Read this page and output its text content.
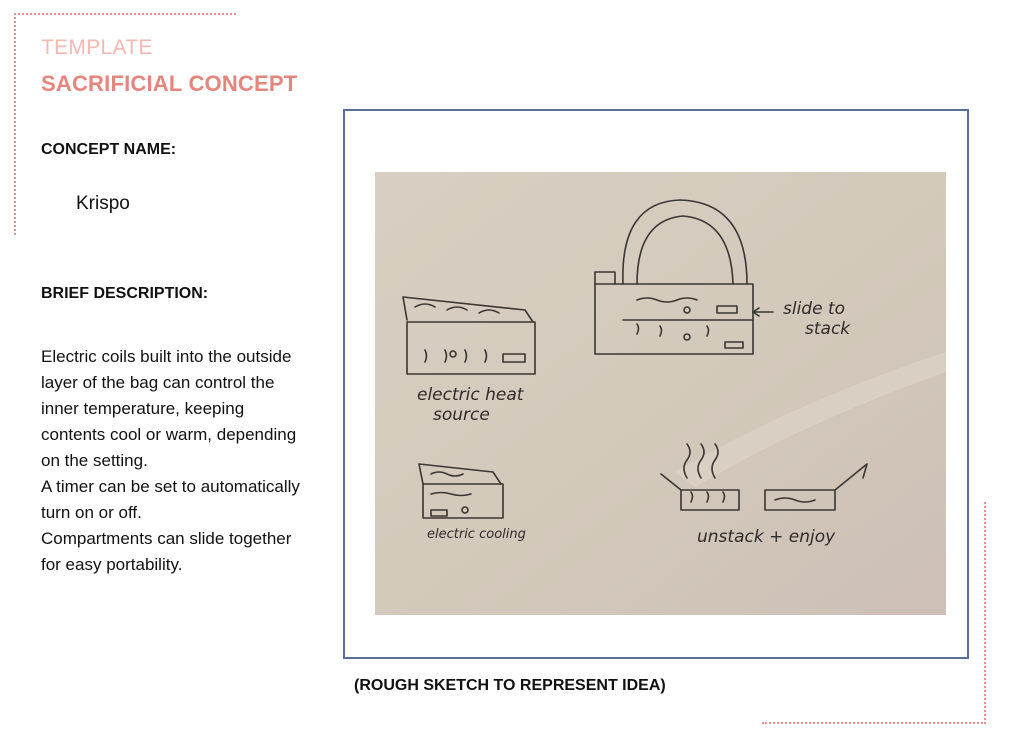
TEMPLATE
SACRIFICIAL CONCEPT
CONCEPT NAME:
Krispo
BRIEF DESCRIPTION:

Electric coils built into the outside layer of the bag can control the inner temperature, keeping contents cool or warm, depending on the setting.

A timer can be set to automatically turn on or off.

Compartments can slide together for easy portability.

slide to stack
electric heat source
electric cooling	unstack + enjoy
(ROUGH SKETCH TO REPRESENT IDEA)
